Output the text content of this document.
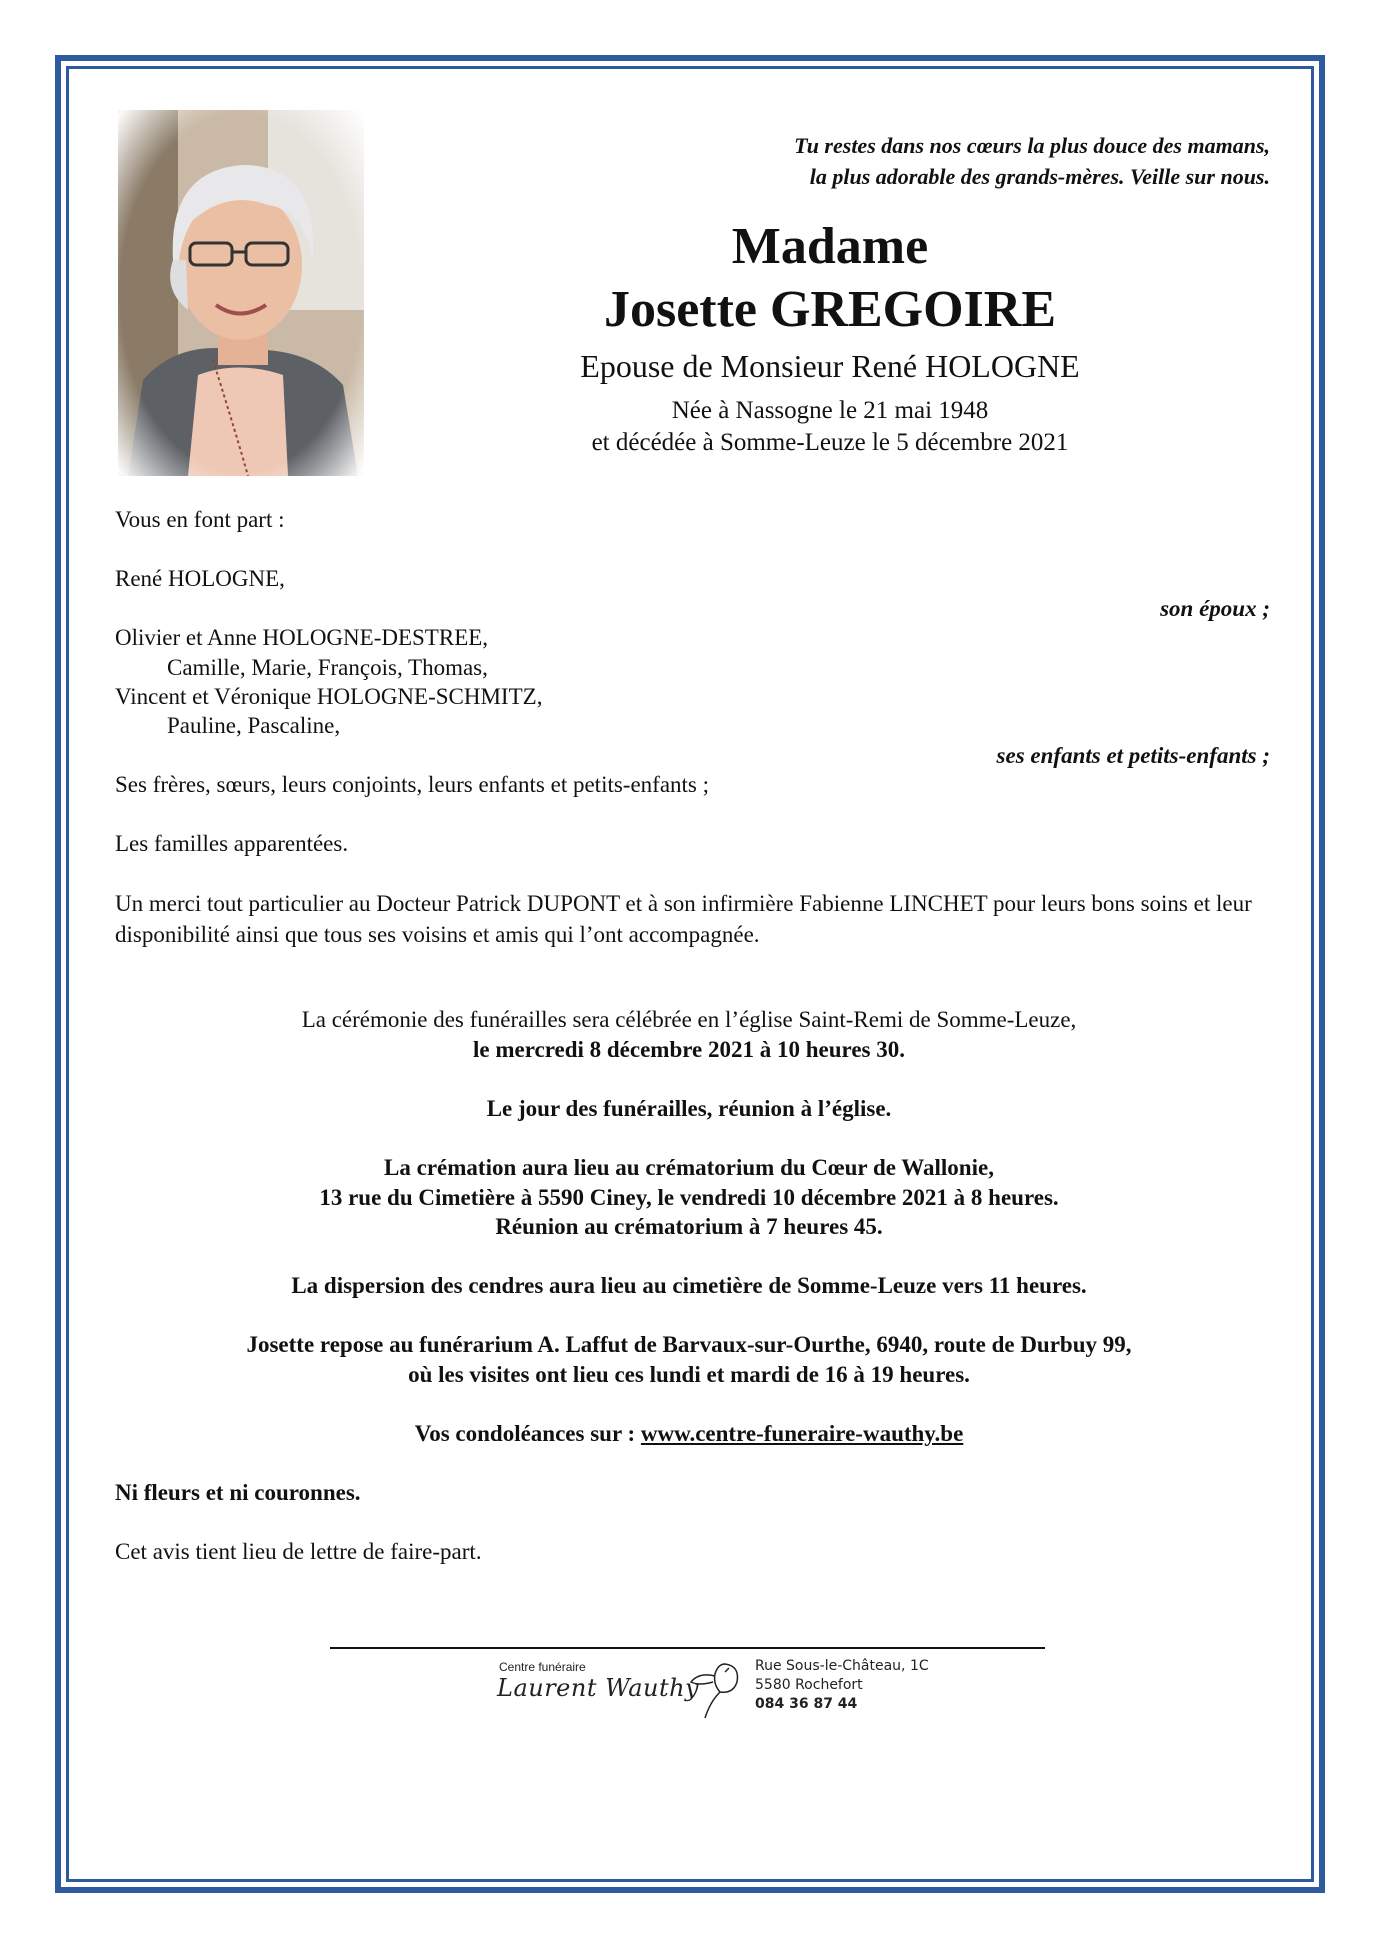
Tu restes dans nos cœurs la plus douce des mamans,
la plus adorable des grands-mères. Veille sur nous.
Madame
Josette GREGOIRE
Epouse de Monsieur René HOLOGNE
Née à Nassogne le 21 mai 1948
et décédée à Somme-Leuze le 5 décembre 2021
Vous en font part :
René HOLOGNE,
son époux ;
Olivier et Anne HOLOGNE-DESTREE,
Camille, Marie, François, Thomas,
Vincent et Véronique HOLOGNE-SCHMITZ,
Pauline, Pascaline,
ses enfants et petits-enfants ;
Ses frères, sœurs, leurs conjoints, leurs enfants et petits-enfants ;
Les familles apparentées.
Un merci tout particulier au Docteur Patrick DUPONT et à son infirmière Fabienne LINCHET pour leurs bons soins et leur disponibilité ainsi que tous ses voisins et amis qui l’ont accompagnée.
La cérémonie des funérailles sera célébrée en l’église Saint-Remi de Somme-Leuze,
le mercredi 8 décembre 2021 à 10 heures 30.
Le jour des funérailles, réunion à l’église.
La crémation aura lieu au crématorium du Cœur de Wallonie,
13 rue du Cimetière à 5590 Ciney, le vendredi 10 décembre 2021 à 8 heures.
Réunion au crématorium à 7 heures 45.
La dispersion des cendres aura lieu au cimetière de Somme-Leuze vers 11 heures.
Josette repose au funérarium A. Laffut de Barvaux-sur-Ourthe, 6940, route de Durbuy 99,
où les visites ont lieu ces lundi et mardi de 16 à 19 heures.
Vos condoléances sur : www.centre-funeraire-wauthy.be
Ni fleurs et ni couronnes.
Cet avis tient lieu de lettre de faire-part.
Centre funéraire
Laurent Wauthy
Rue Sous-le-Château, 1C
5580 Rochefort
084 36 87 44
